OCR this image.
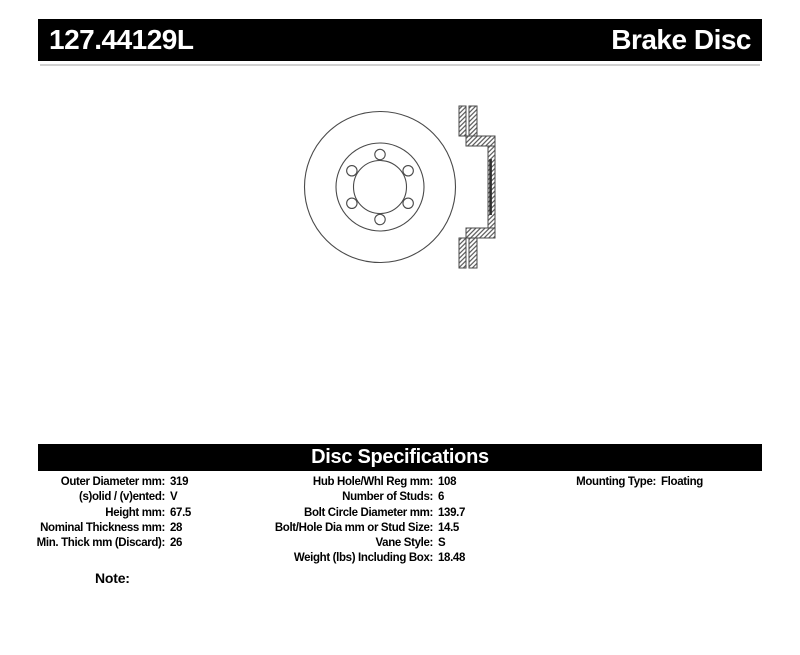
127.44129L	Brake Disc
Disc Specifications
Outer Diameter mm: 319
(s)olid / (v)ented: V
Height mm: 67.5
Nominal Thickness mm: 28
Min. Thick mm (Discard): 26
Hub Hole/Whl Reg mm: 108
Number of Studs: 6
Bolt Circle Diameter mm: 139.7
Bolt/Hole Dia mm or Stud Size: 14.5
Vane Style: S
Weight (lbs) Including Box: 18.48
Mounting Type: Floating
Note:
